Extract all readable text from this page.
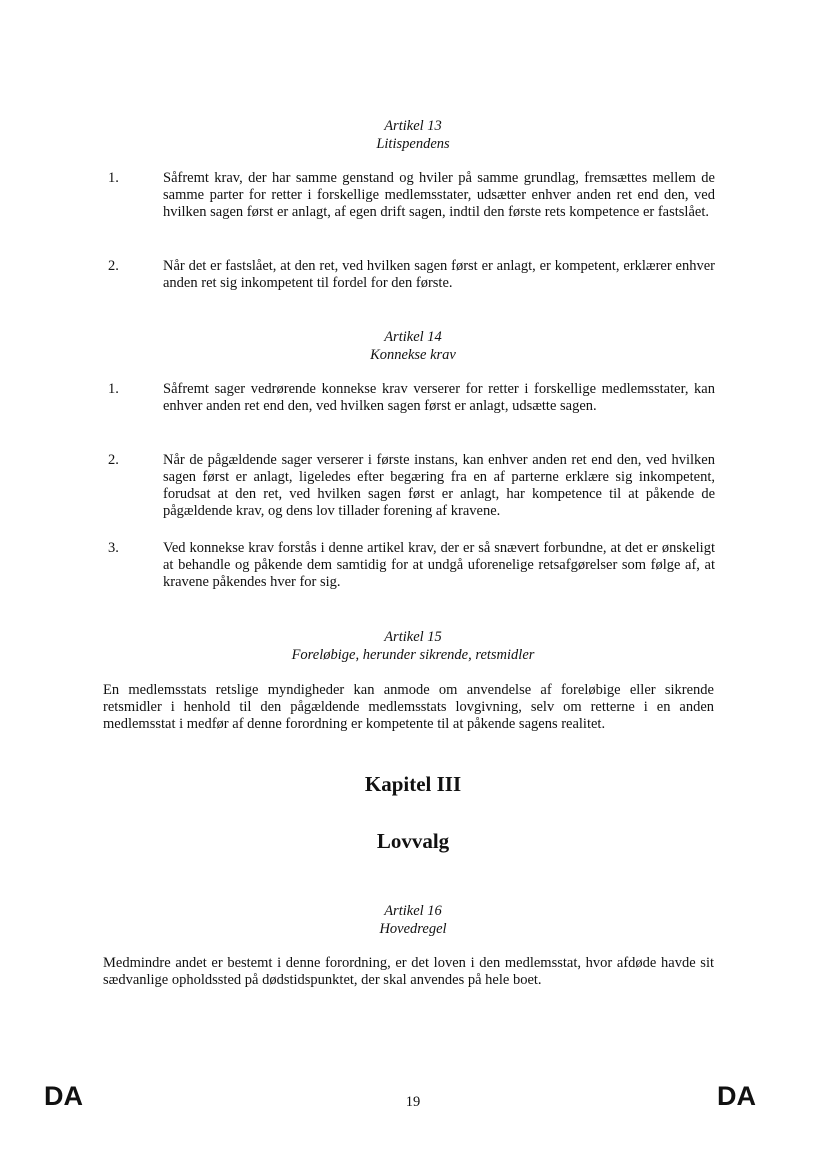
Artikel 13
Litispendens
1.	Såfremt krav, der har samme genstand og hviler på samme grundlag, fremsættes mellem de samme parter for retter i forskellige medlemsstater, udsætter enhver anden ret end den, ved hvilken sagen først er anlagt, af egen drift sagen, indtil den første rets kompetence er fastslået.
2.	Når det er fastslået, at den ret, ved hvilken sagen først er anlagt, er kompetent, erklærer enhver anden ret sig inkompetent til fordel for den første.
Artikel 14
Konnekse krav
1.	Såfremt sager vedrørende konnekse krav verserer for retter i forskellige medlemsstater, kan enhver anden ret end den, ved hvilken sagen først er anlagt, udsætte sagen.
2.	Når de pågældende sager verserer i første instans, kan enhver anden ret end den, ved hvilken sagen først er anlagt, ligeledes efter begæring fra en af parterne erklære sig inkompetent, forudsat at den ret, ved hvilken sagen først er anlagt, har kompetence til at påkende de pågældende krav, og dens lov tillader forening af kravene.
3.	Ved konnekse krav forstås i denne artikel krav, der er så snævert forbundne, at det er ønskeligt at behandle og påkende dem samtidig for at undgå uforenelige retsafgørelser som følge af, at kravene påkendes hver for sig.
Artikel 15
Foreløbige, herunder sikrende, retsmidler
En medlemsstats retslige myndigheder kan anmode om anvendelse af foreløbige eller sikrende retsmidler i henhold til den pågældende medlemsstats lovgivning, selv om retterne i en anden medlemsstat i medfør af denne forordning er kompetente til at påkende sagens realitet.
Kapitel III
Lovvalg
Artikel 16
Hovedregel
Medmindre andet er bestemt i denne forordning, er det loven i den medlemsstat, hvor afdøde havde sit sædvanlige opholdssted på dødstidspunktet, der skal anvendes på hele boet.
DA	19	DA
